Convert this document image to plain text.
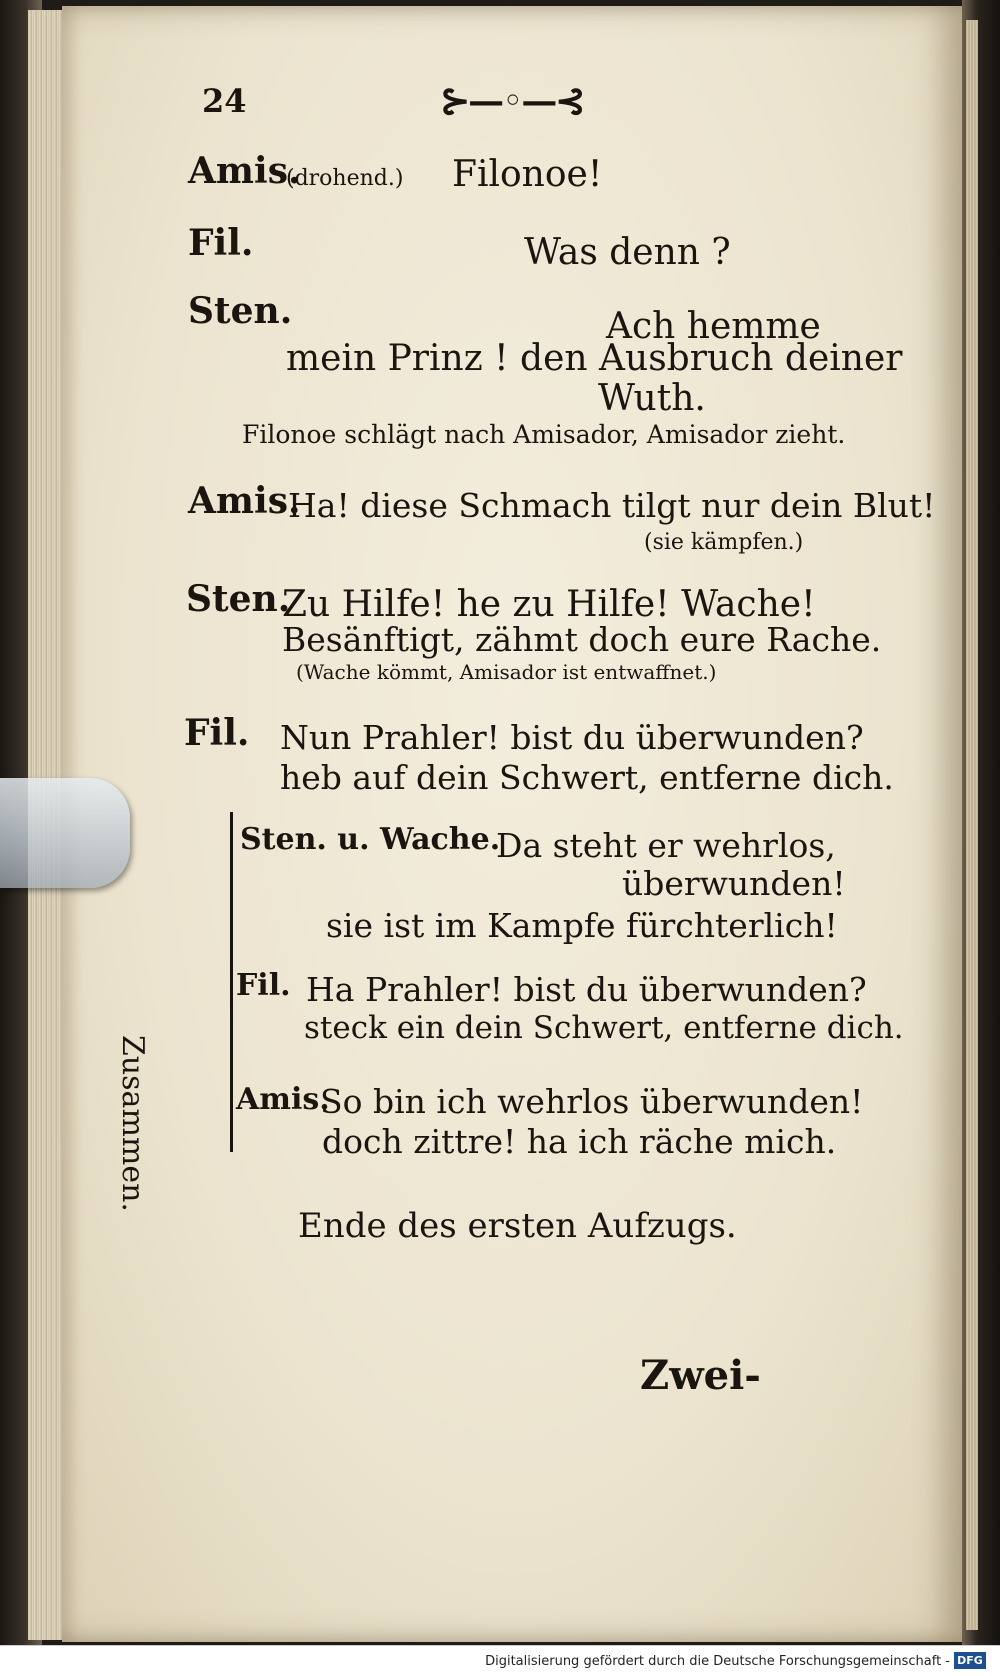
24	⊱—◦—⊰
Amis.
(drohend.) Filonoe!
Fil.	Was denn ?
Sten.	Ach hemme
mein Prinz ! den Ausbruch deiner
Wuth.
Filonoe schlägt nach Amisador, Amisador zieht.
Amis.
Ha! diese Schmach tilgt nur dein Blut!
(sie kämpfen.)
Sten.
Zu Hilfe! he zu Hilfe! Wache!
Besänftigt, zähmt doch eure Rache.
(Wache kömmt, Amisador ist entwaffnet.)
Fil. Nun Prahler! bist du überwunden?
heb auf dein Schwert, entferne dich.
Zusammen.
Sten. u. Wache.
Da steht er wehrlos,
überwunden!
sie ist im Kampfe fürchterlich!
Fil. Ha Prahler! bist du überwunden?
steck ein dein Schwert, entferne dich.
Amis.
So bin ich wehrlos überwunden!
doch zittre! ha ich räche mich.
Ende des ersten Aufzugs.
Zwei-
Digitalisierung gefördert durch die Deutsche Forschungsgemeinschaft - DFG
